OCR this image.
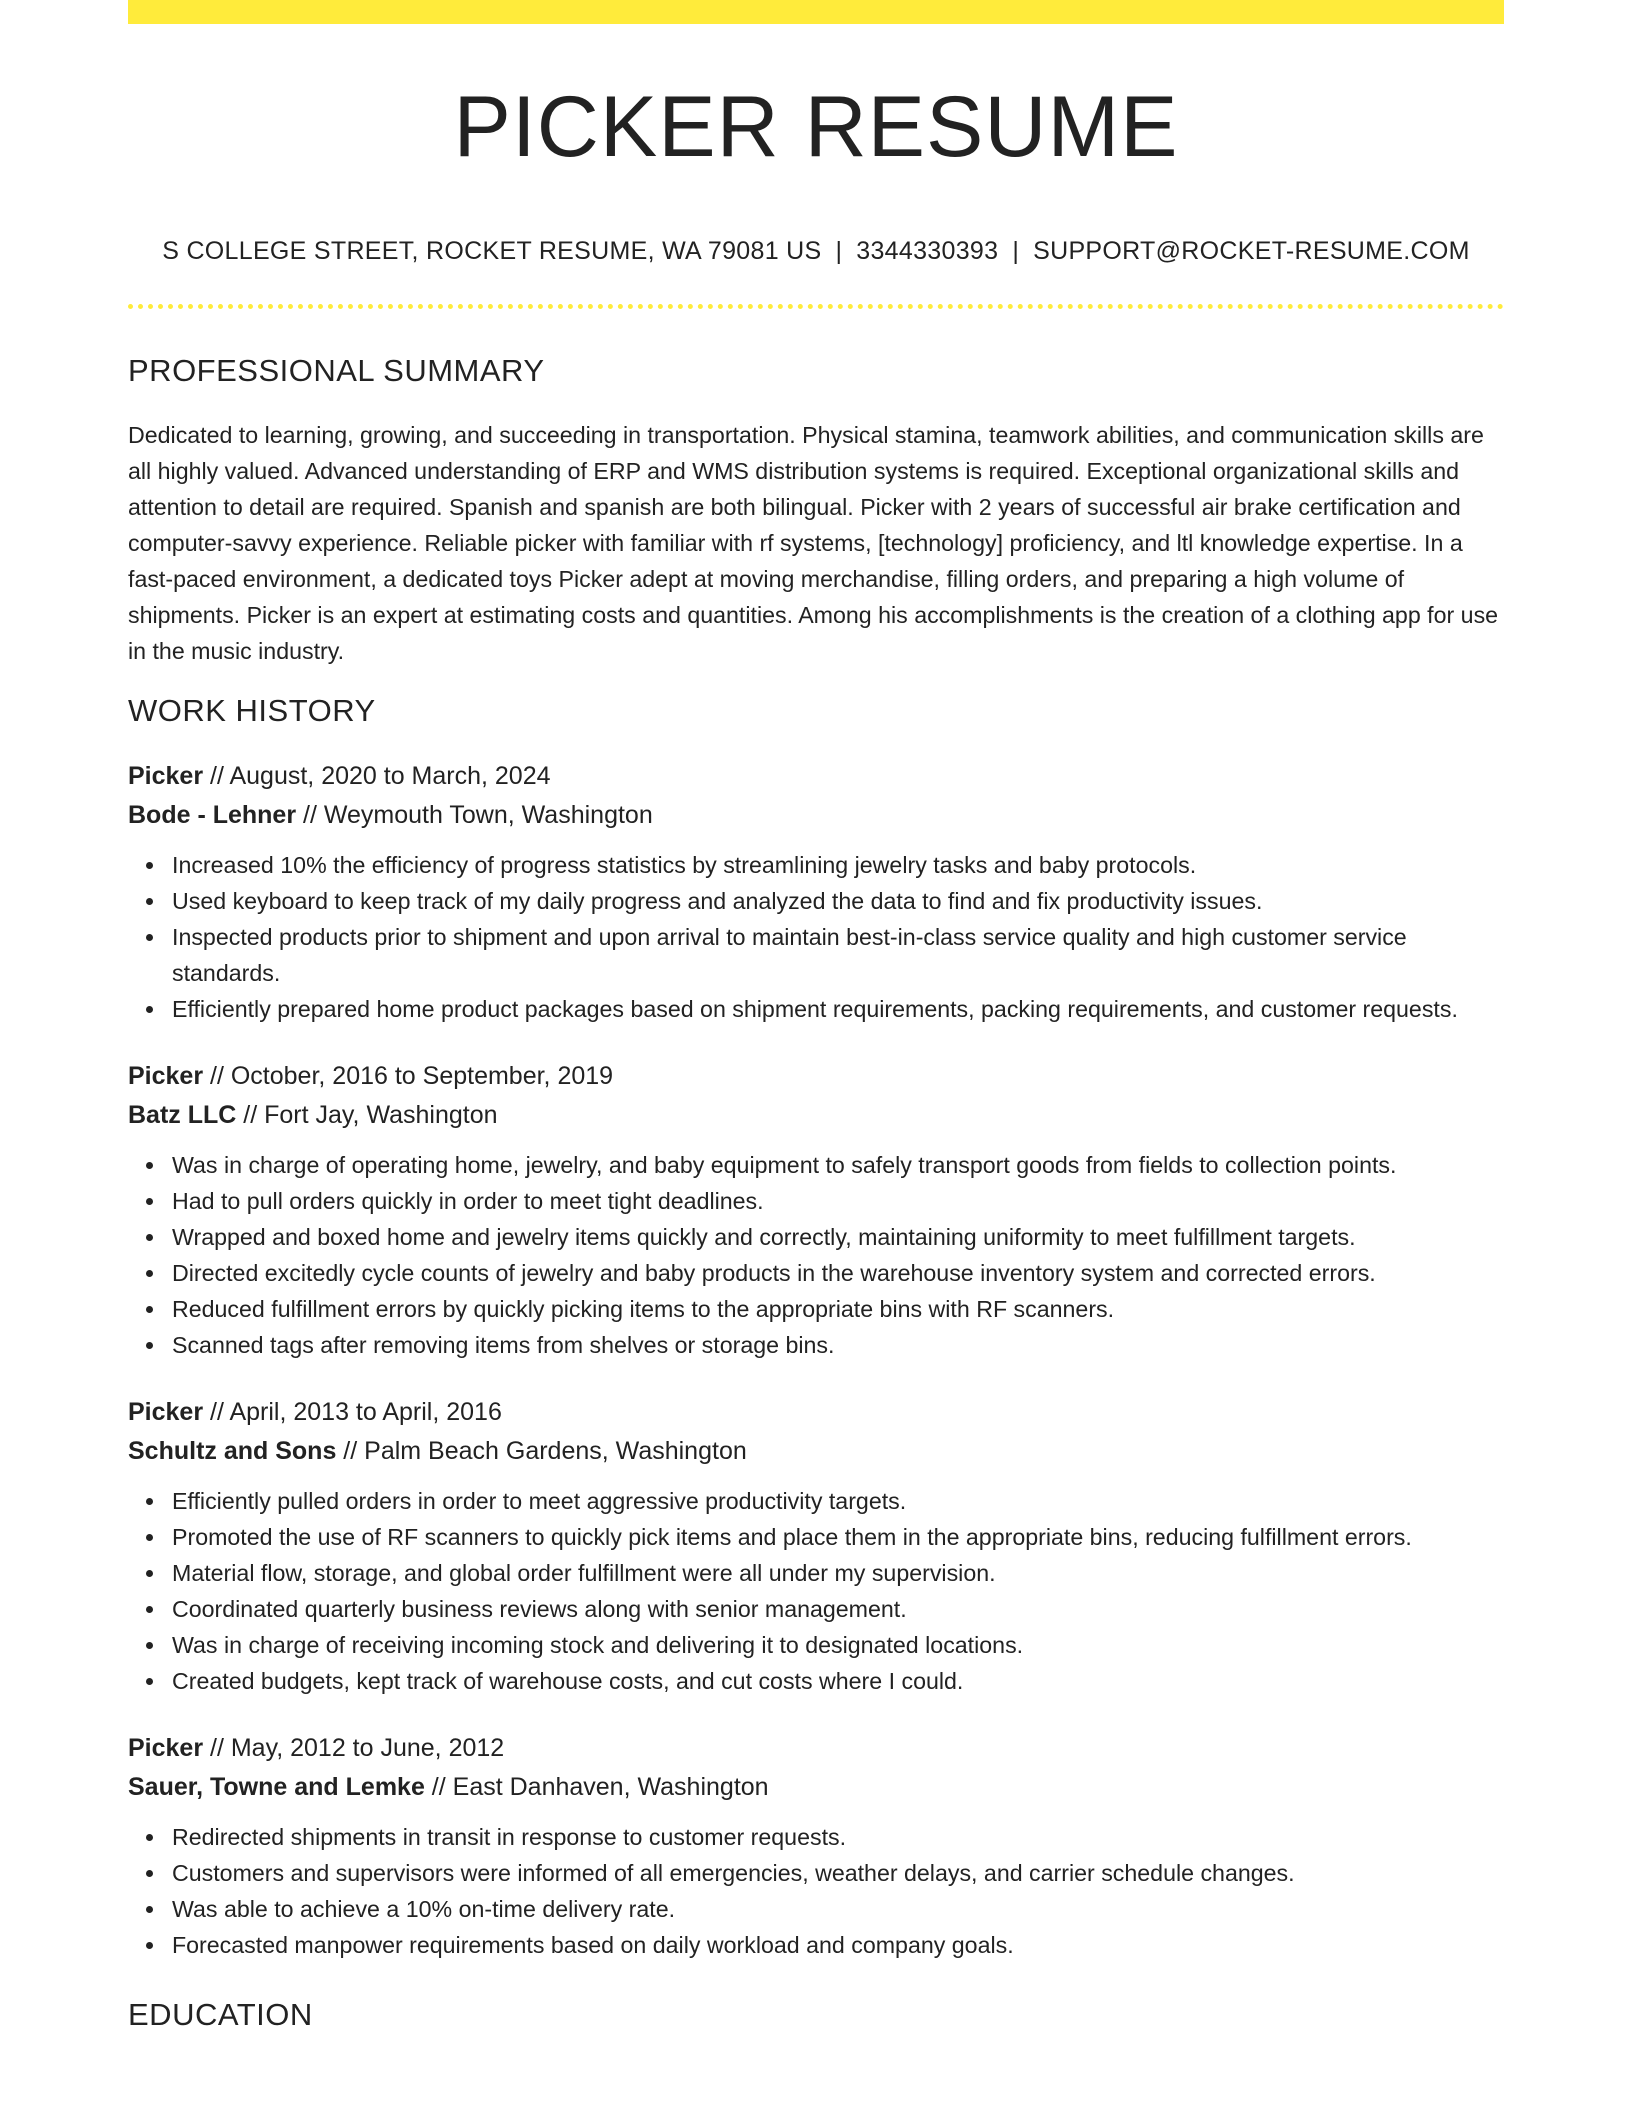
PICKER RESUME
S COLLEGE STREET, ROCKET RESUME, WA 79081 US | 3344330393 | SUPPORT@ROCKET-RESUME.COM
PROFESSIONAL SUMMARY

Dedicated to learning, growing, and succeeding in transportation. Physical stamina, teamwork abilities, and communication skills are all highly valued. Advanced understanding of ERP and WMS distribution systems is required. Exceptional organizational skills and attention to detail are required. Spanish and spanish are both bilingual. Picker with 2 years of successful air brake certification and computer-savvy experience. Reliable picker with familiar with rf systems, [technology] proficiency, and ltl knowledge expertise. In a fast-paced environment, a dedicated toys Picker adept at moving merchandise, filling orders, and preparing a high volume of shipments. Picker is an expert at estimating costs and quantities. Among his accomplishments is the creation of a clothing app for use in the music industry.

WORK HISTORY
Picker // August, 2020 to March, 2024
Bode - Lehner // Weymouth Town, Washington
Increased 10% the efficiency of progress statistics by streamlining jewelry tasks and baby protocols.
Used keyboard to keep track of my daily progress and analyzed the data to find and fix productivity issues.
Inspected products prior to shipment and upon arrival to maintain best-in-class service quality and high customer service standards.
Efficiently prepared home product packages based on shipment requirements, packing requirements, and customer requests.
Picker // October, 2016 to September, 2019
Batz LLC // Fort Jay, Washington
Was in charge of operating home, jewelry, and baby equipment to safely transport goods from fields to collection points.
Had to pull orders quickly in order to meet tight deadlines.
Wrapped and boxed home and jewelry items quickly and correctly, maintaining uniformity to meet fulfillment targets.
Directed excitedly cycle counts of jewelry and baby products in the warehouse inventory system and corrected errors.
Reduced fulfillment errors by quickly picking items to the appropriate bins with RF scanners.
Scanned tags after removing items from shelves or storage bins.
Picker // April, 2013 to April, 2016
Schultz and Sons // Palm Beach Gardens, Washington
Efficiently pulled orders in order to meet aggressive productivity targets.
Promoted the use of RF scanners to quickly pick items and place them in the appropriate bins, reducing fulfillment errors.
Material flow, storage, and global order fulfillment were all under my supervision.
Coordinated quarterly business reviews along with senior management.
Was in charge of receiving incoming stock and delivering it to designated locations.
Created budgets, kept track of warehouse costs, and cut costs where I could.
Picker // May, 2012 to June, 2012
Sauer, Towne and Lemke // East Danhaven, Washington
Redirected shipments in transit in response to customer requests.
Customers and supervisors were informed of all emergencies, weather delays, and carrier schedule changes.
Was able to achieve a 10% on-time delivery rate.
Forecasted manpower requirements based on daily workload and company goals.
EDUCATION
